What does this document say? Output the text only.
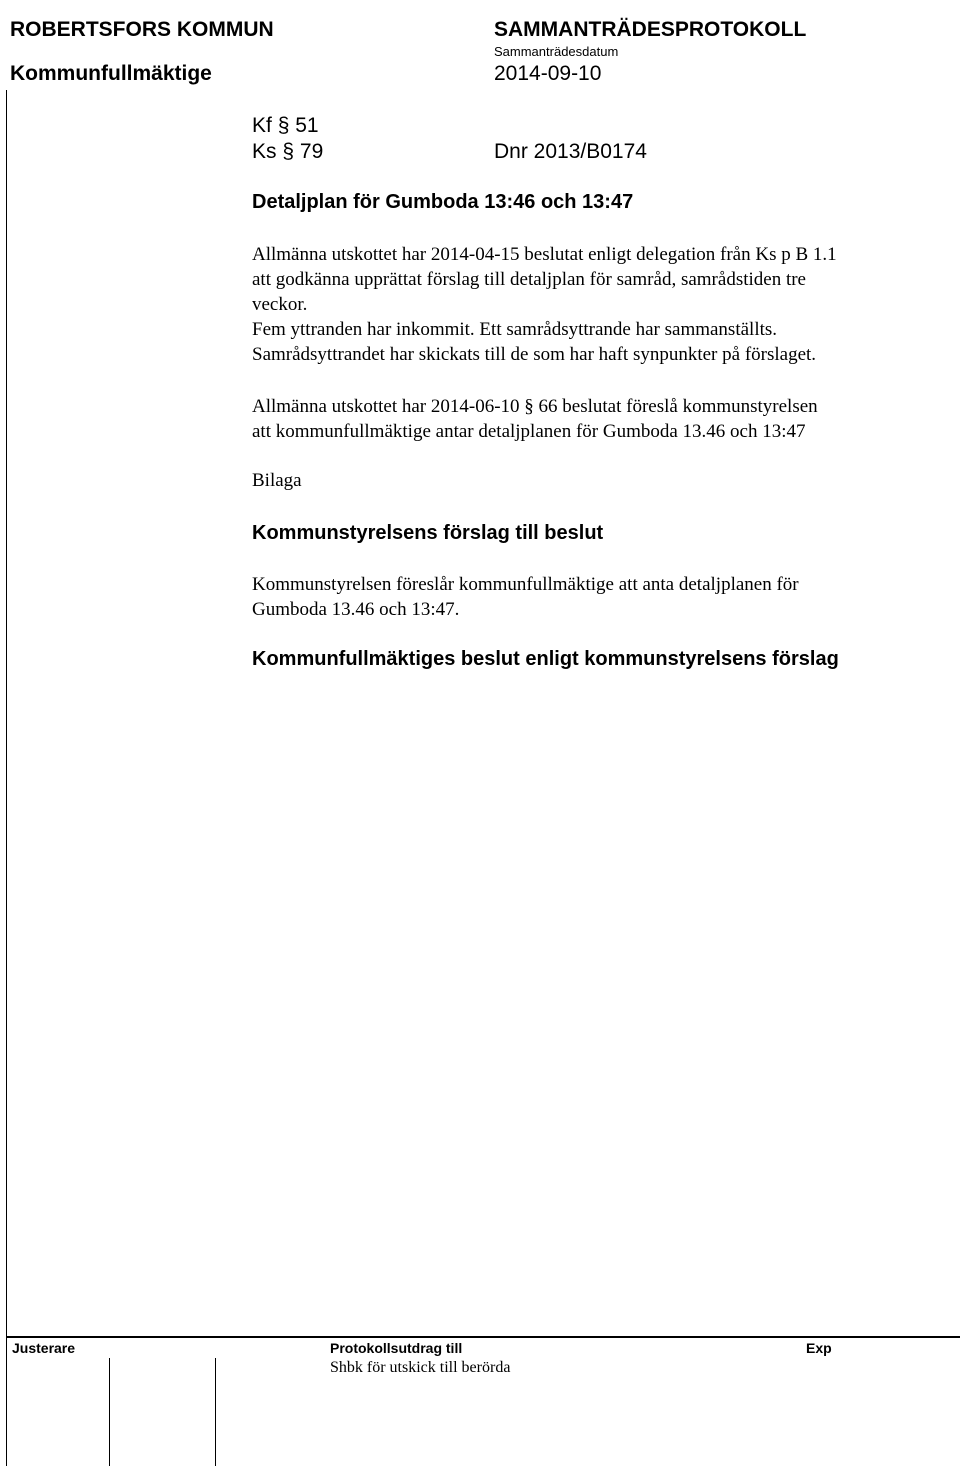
ROBERTSFORS KOMMUN	SAMMANTRÄDESPROTOKOLL
Sammanträdesdatum
Kommunfullmäktige	2014-09-10
Kf § 51
Ks § 79	Dnr 2013/B0174
Detaljplan för Gumboda 13:46 och 13:47
Allmänna utskottet har 2014-04-15 beslutat enligt delegation från Ks p B 1.1
att godkänna upprättat förslag till detaljplan för samråd, samrådstiden tre
veckor.
Fem yttranden har inkommit. Ett samrådsyttrande har sammanställts.
Samrådsyttrandet har skickats till de som har haft synpunkter på förslaget.
Allmänna utskottet har 2014-06-10 § 66 beslutat föreslå kommunstyrelsen
att kommunfullmäktige antar detaljplanen för Gumboda 13.46 och 13:47
Bilaga
Kommunstyrelsens förslag till beslut
Kommunstyrelsen föreslår kommunfullmäktige att anta detaljplanen för
Gumboda 13.46 och 13:47.
Kommunfullmäktiges beslut enligt kommunstyrelsens förslag
Justerare	Protokollsutdrag till	Exp
Shbk för utskick till berörda
